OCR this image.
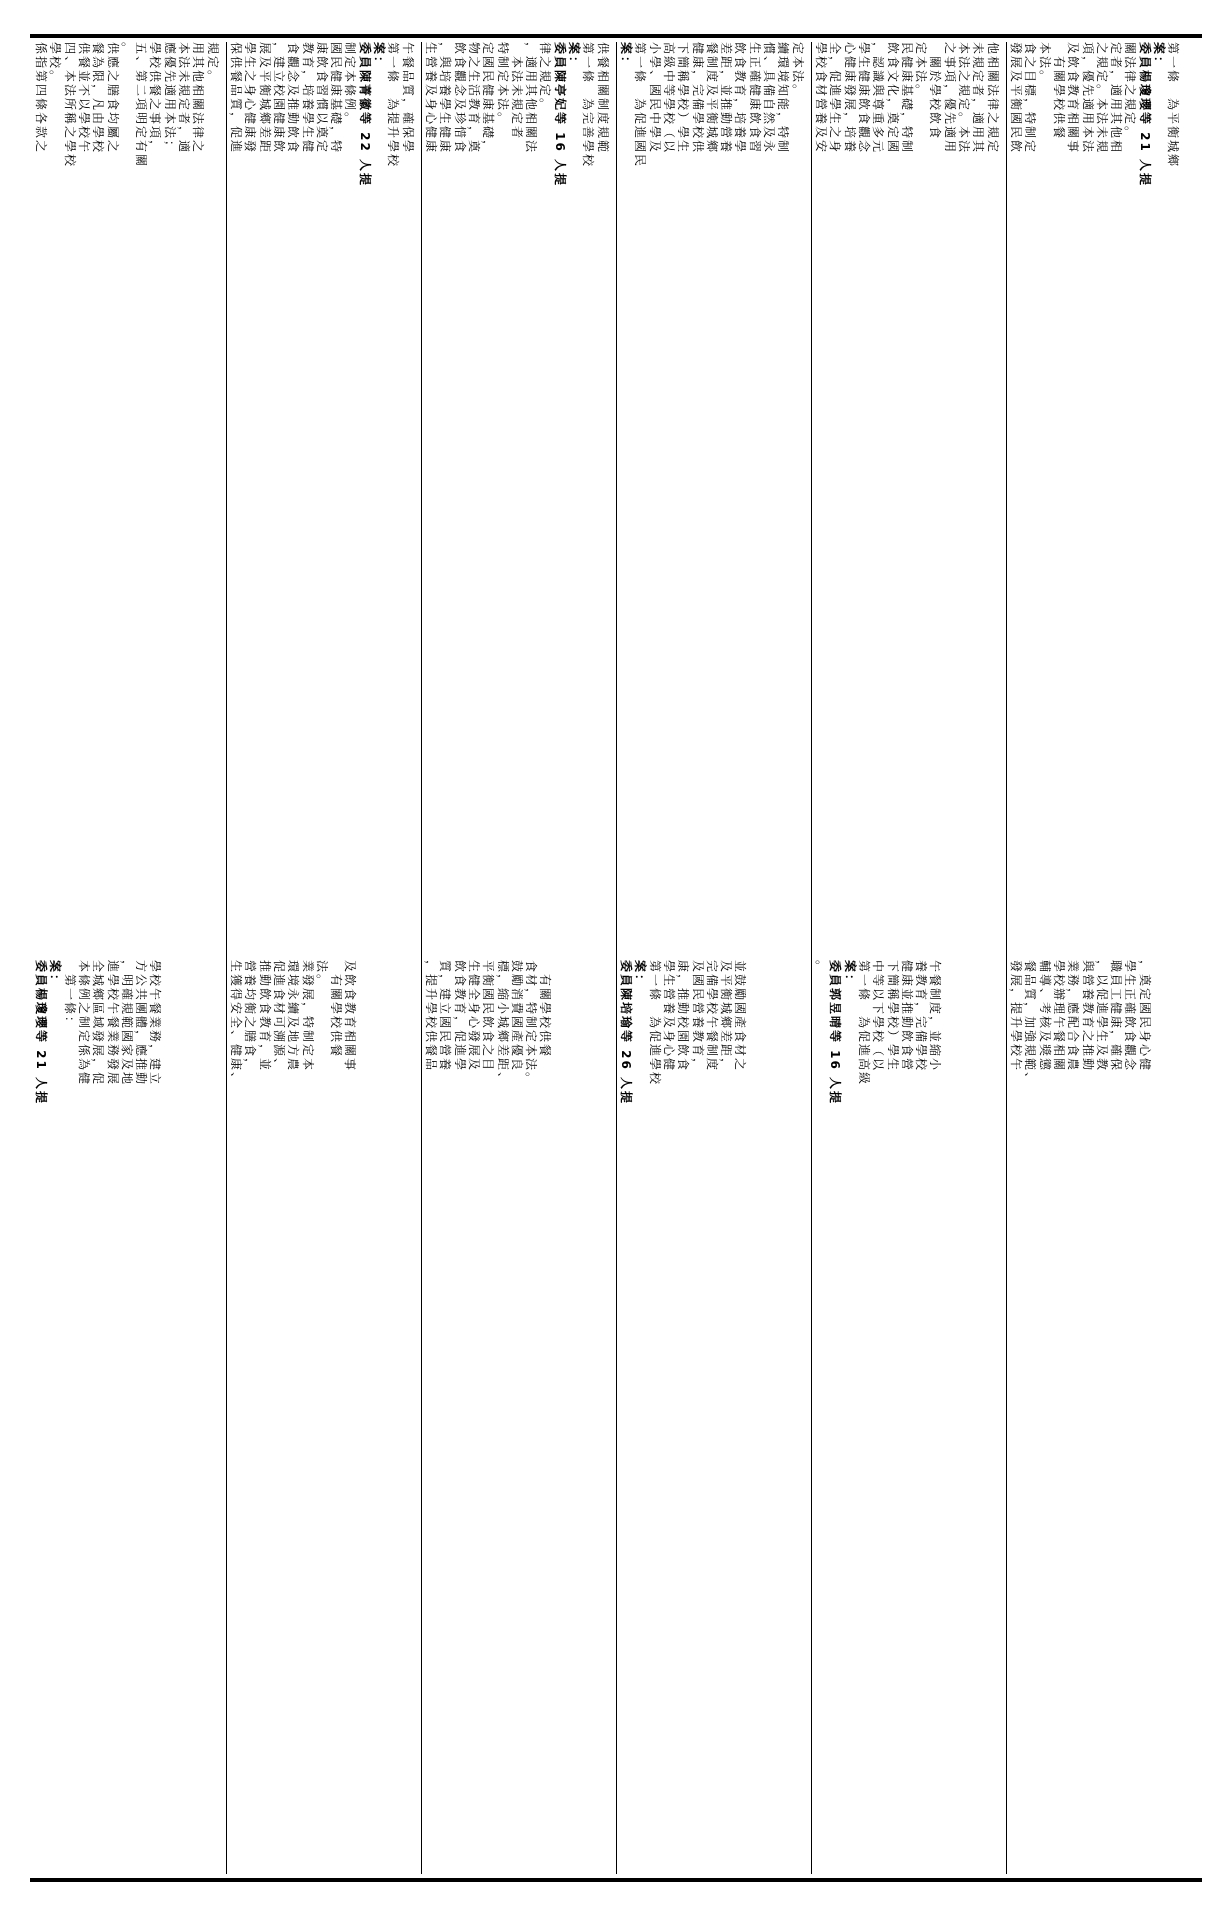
發展及平衡國民飲 食之目標，特制定 本法。 　有關學校供餐 及飲食教育相關事 項，優先適用本法 之規定。本法未規 定者，適用其他相 關法律之規定。 委員楊瓊瓔等 21 人提 案： 第一條　為平衡城鄉
發展，提升學校午 餐品質，加強規範、 輔導、考核及獎懲 學校辦理午餐相關 業務，應配合食農 與營養教育之推動 ，以促進學生及教 職員工健康，確保 學生正確飲食觀念 ，奠定國民身心健
學校食材營養及安 全，促進學生之身 心健康發展，培養 學生健康飲食觀念 ，認識與尊重多元 飲食文化，奠定國 民健康基礎，特制 定本法。 　關於學校飲食 之事項，優先適用 本法之規定。本法 未規定者，適用其 他相關法律之規定
。 委員郭昱晴等 16 人提 案： 第一條　為促進高級 中等以下學校（以 下簡稱學校）學生 健康並推動飲食營 養教育，完備學校 午餐制度，並縮小
案： 第一條　為促進國民 小學、國民中學及 高級中等學校（以 下簡稱學校）學生 健康，完備學校供 餐制度及平衡城鄉 差距，並推動營養 飲食教育，培養學 生正確健康飲食習 慣、具備自然及永 續環境知能，特制 定本法。
委員陳培瑜等 26 人提 案： 第一條　為促進學校 學生營養及身心健 康，推動校園飲食 及國民營養教育， 完備學校午餐制度 及平衡城鄉差距， 並鼓勵國產食材之
生營養及身心健康 ，與培養學生健康 飲食觀念及珍惜食 物之生活教育，奠 定國民健康基礎， 特制定本法。 　本法未規定者 ，適用其他相關法 律之規定。 委員陳亭妃等 16 人提 案： 第一條　為完善學校 供餐相關制度規範
，提升學校供餐品 質，建立國民營養 飲食教育，促進學 生健全身心發展及 平衡國民飲食之目 標，縮小城鄉差距、 鼓勵消費國產優良 食材，特制定本法。 　有關學校供餐
保供餐品質，促進 學生之身心健康發 展及平衡城鄉差距 ，建立校園健康飲 食觀念及推動飲食 教育，培養學生健 康飲食習慣以奠定 國民健康基礎，特 制定本條例。 委員陳菁徽等 22 人提 案： 第一條　為提升學校 午餐品質，確保學
生獲得安全、健康、 營養均衡之膳食， 推動飲食教育，並 促進食材可溯源、 環境永續及地方農 業發展，特制定本 法。 　有關學校供餐 及飲食教育相關事
係指第四條各款之 學校。 四、本法所稱之學校 供餐並不以學校午 餐為限，凡由學校 供應之膳食均屬之 。 五、第二項明定有關 學校供餐之事項， 應優先適用本法； 本法未規定者，適 用其他相關法律之 規定。
委員楊瓊瓔等 21 人提 案： 　第一條： 本條例之制定係為健 全城鄉區域發展，促 進學校午餐業務發展 ，明確規範國家及地 方公共團體，應推動 學校午餐業務，建立
